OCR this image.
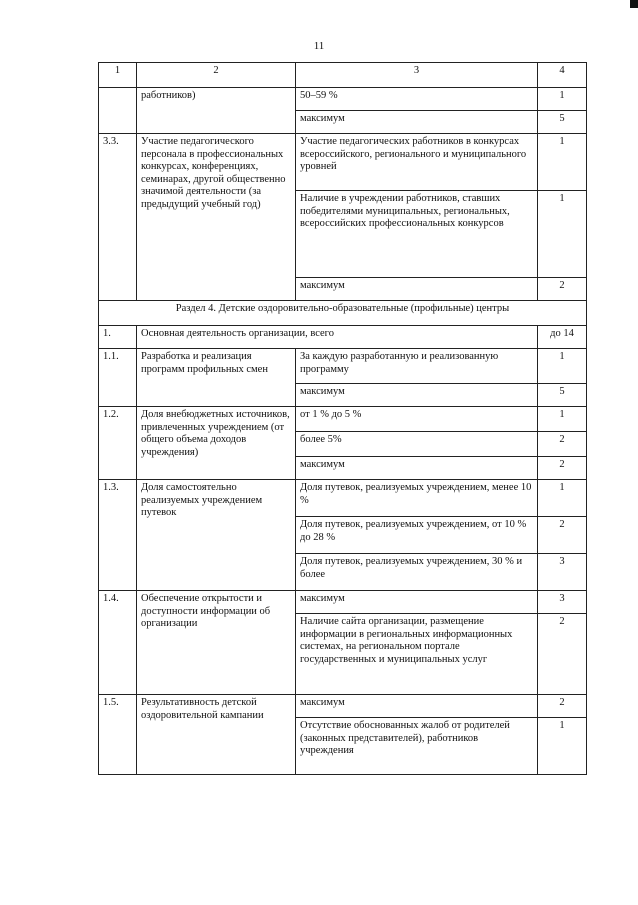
11
1	2	3	4
	работников)	50–59 %	1
		максимум	5
3.3.	Участие педагогического персонала в профессиональных конкурсах, конференциях, семинарах, другой общественно значимой деятельности (за предыдущий учебный год)	Участие педагогических работников в конкурсах всероссийского, регионального и муниципального уровней	1
		Наличие в учреждении работников, ставших победителями муниципальных, региональных, всероссийских профессиональных конкурсов	1
		максимум	2
Раздел 4. Детские оздоровительно-образовательные (профильные) центры			
1.	Основная деятельность организации, всего		до 14
1.1.	Разработка и реализация программ профильных смен	За каждую разработанную и реализованную программу	1
		максимум	5
1.2.	Доля внебюджетных источников, привлеченных учреждением (от общего объема доходов учреждения)	от 1 % до 5 %	1
		более 5%	2
		максимум	2
1.3.	Доля самостоятельно реализуемых учреждением путевок	Доля путевок, реализуемых учреждением, менее 10 %	1
		Доля путевок, реализуемых учреждением, от 10 % до 28 %	2
		Доля путевок, реализуемых учреждением, 30 % и более	3
1.4.	Обеспечение открытости и доступности информации об организации	максимум	3
		Наличие сайта организации, размещение информации в региональных информационных системах, на региональном портале государственных и муниципальных услуг	2
1.5.	Результативность детской оздоровительной кампании	максимум	2
		Отсутствие обоснованных жалоб от родителей (законных представителей), работников учреждения	1
